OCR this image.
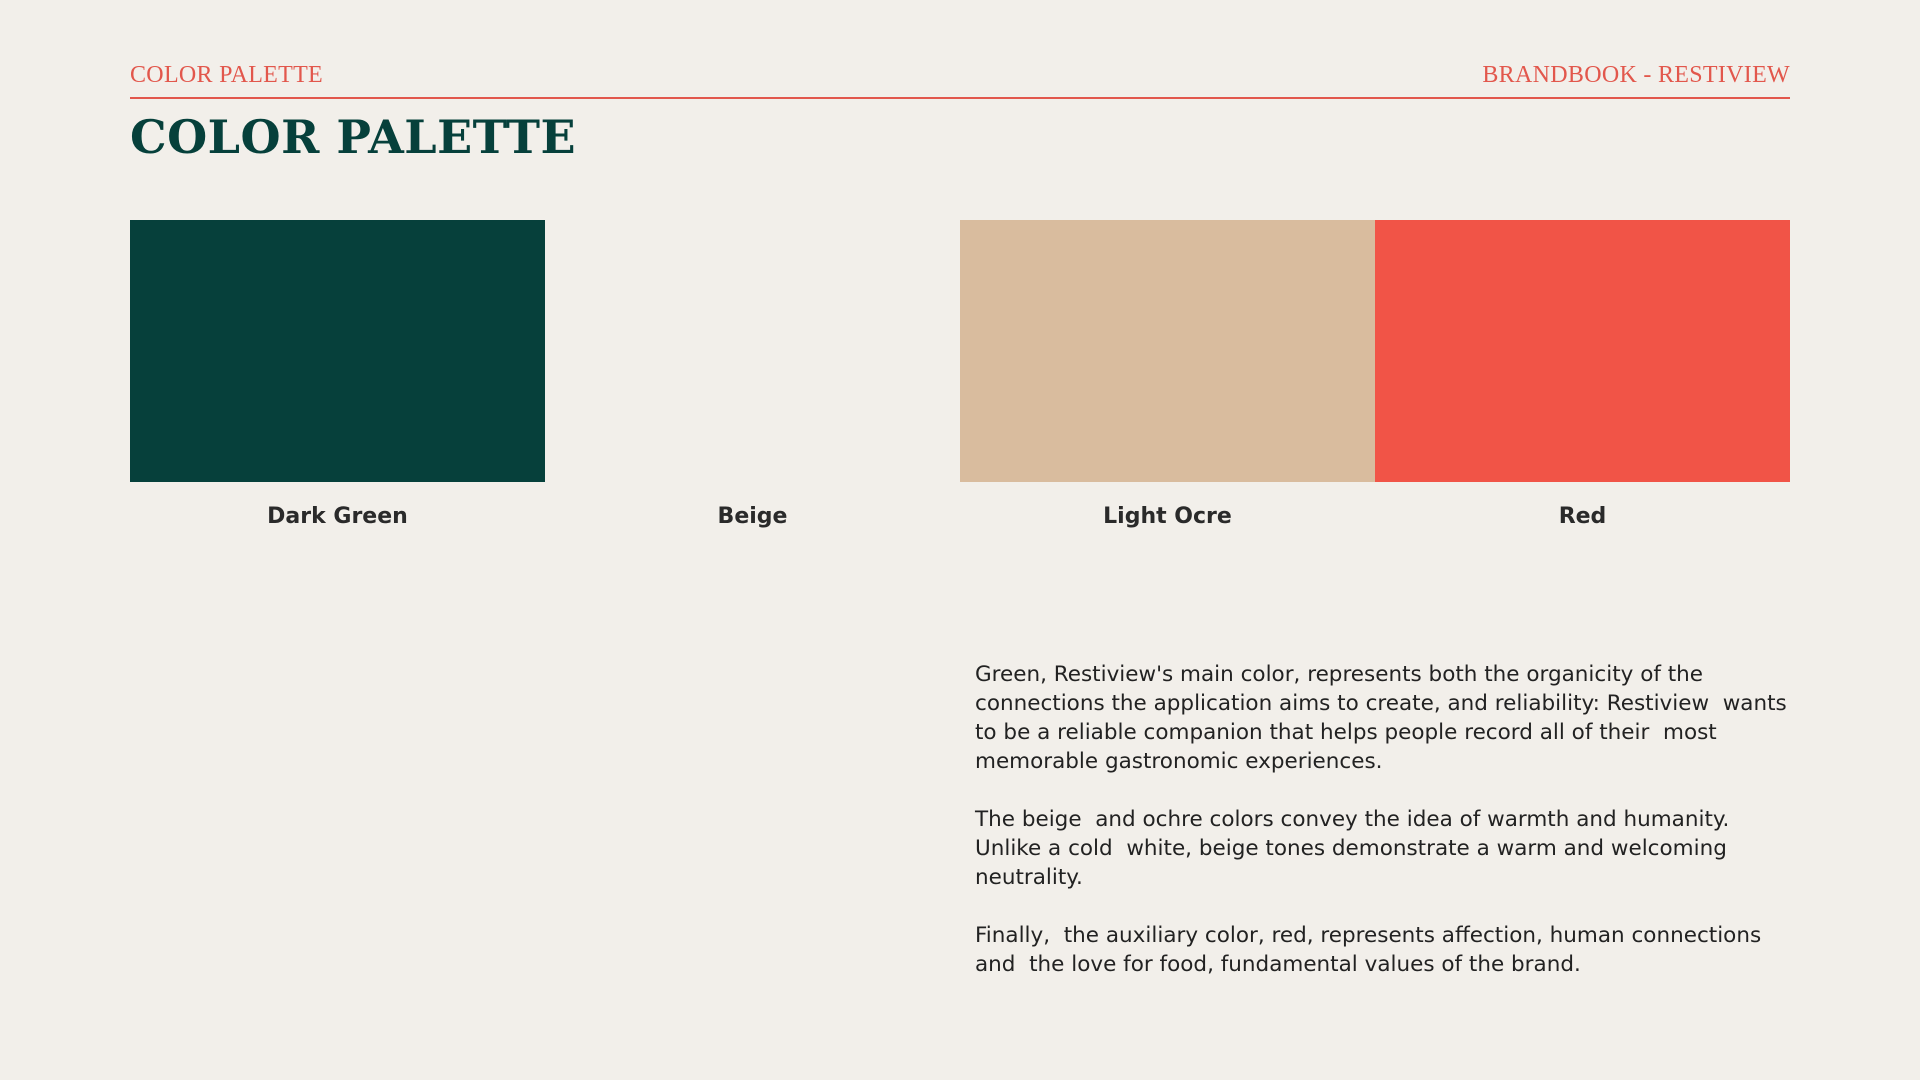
COLOR PALETTE	BRANDBOOK - RESTIVIEW
COLOR PALETTE
Dark Green	Beige	Light Ocre	Red

Green, Restiview's main color, represents both the organicity of the connections the application aims to create, and reliability: Restiview  wants to be a reliable companion that helps people record all of their  most memorable gastronomic experiences.

The beige  and ochre colors convey the idea of warmth and humanity. Unlike a cold  white, beige tones demonstrate a warm and welcoming neutrality.

Finally,  the auxiliary color, red, represents affection, human connections and  the love for food, fundamental values of the brand.
